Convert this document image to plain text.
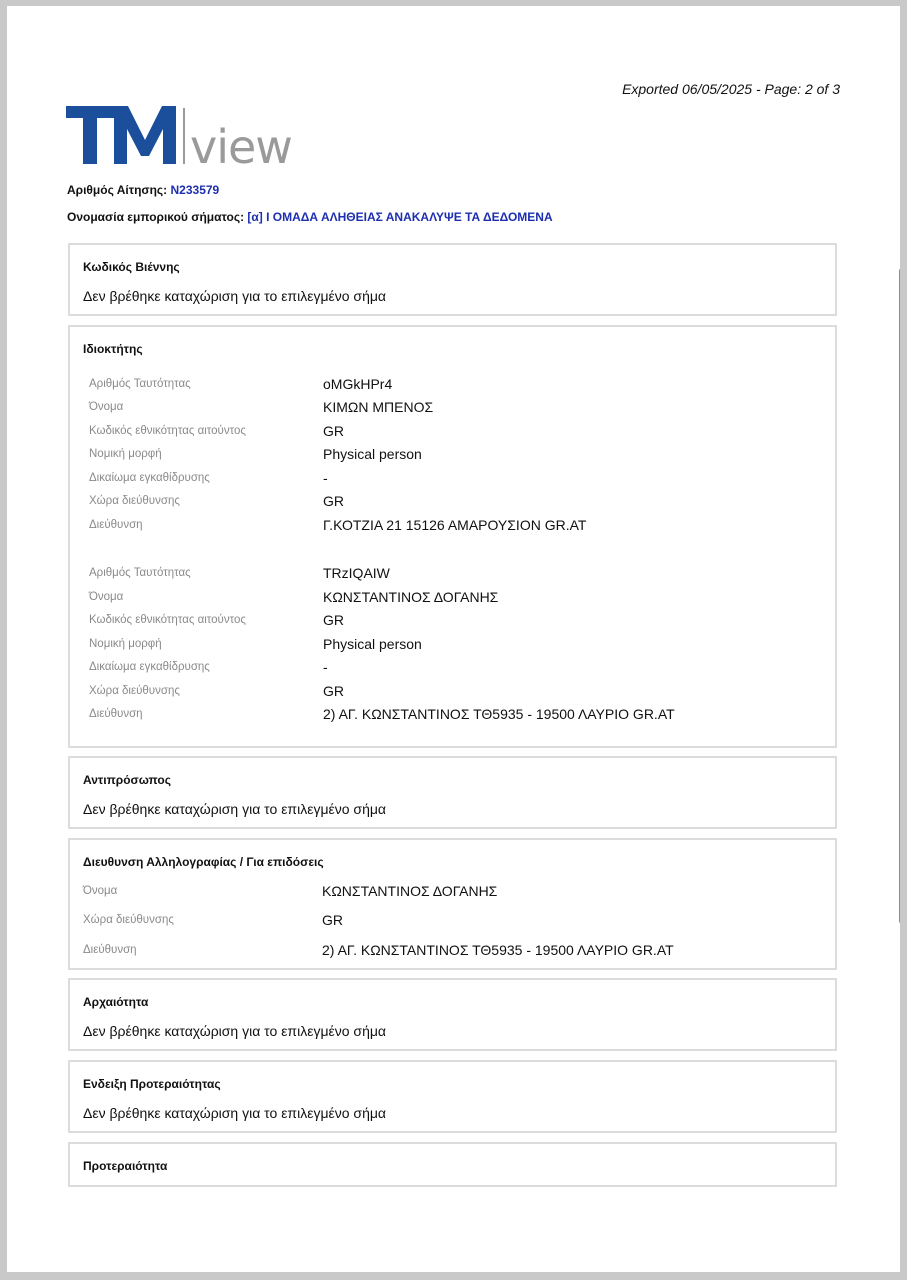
Exported 06/05/2025 - Page: 2 of 3
view
Αριθμός Αίτησης: N233579
Ονομασία εμπορικού σήματος: [α] Ι ΟΜΑΔΑ ΑΛΗΘΕΙΑΣ ΑΝΑΚΑΛΥΨΕ ΤΑ ΔΕΔΟΜΕΝΑ
Κωδικός Βιέννης
Δεν βρέθηκε καταχώριση για το επιλεγμένο σήμα
Ιδιοκτήτης
Αριθμός Ταυτότητας	oMGkHPr4
Όνομα	ΚΙΜΩΝ ΜΠΕΝΟΣ
Κωδικός εθνικότητας αιτούντος	GR
Νομική μορφή	Physical person
Δικαίωμα εγκαθίδρυσης	-
Χώρα διεύθυνσης	GR
Διεύθυνση	Γ.ΚΟΤΖΙΑ 21 15126 ΑΜΑΡΟΥΣΙΟΝ GR.AT
Αριθμός Ταυτότητας	TRzIQAIW
Όνομα	ΚΩΝΣΤΑΝΤΙΝΟΣ ΔΟΓΑΝΗΣ
Κωδικός εθνικότητας αιτούντος	GR
Νομική μορφή	Physical person
Δικαίωμα εγκαθίδρυσης	-
Χώρα διεύθυνσης	GR
Διεύθυνση	2) ΑΓ. ΚΩΝΣΤΑΝΤΙΝΟΣ ΤΘ5935 - 19500 ΛΑΥΡΙΟ GR.AT
Αντιπρόσωπος
Δεν βρέθηκε καταχώριση για το επιλεγμένο σήμα
Διευθυνση Αλληλογραφίας / Για επιδόσεις
Όνομα	ΚΩΝΣΤΑΝΤΙΝΟΣ ΔΟΓΑΝΗΣ
Χώρα διεύθυνσης	GR
Διεύθυνση	2) ΑΓ. ΚΩΝΣΤΑΝΤΙΝΟΣ ΤΘ5935 - 19500 ΛΑΥΡΙΟ GR.AT
Αρχαιότητα
Δεν βρέθηκε καταχώριση για το επιλεγμένο σήμα
Ενδειξη Προτεραιότητας
Δεν βρέθηκε καταχώριση για το επιλεγμένο σήμα
Προτεραιότητα
